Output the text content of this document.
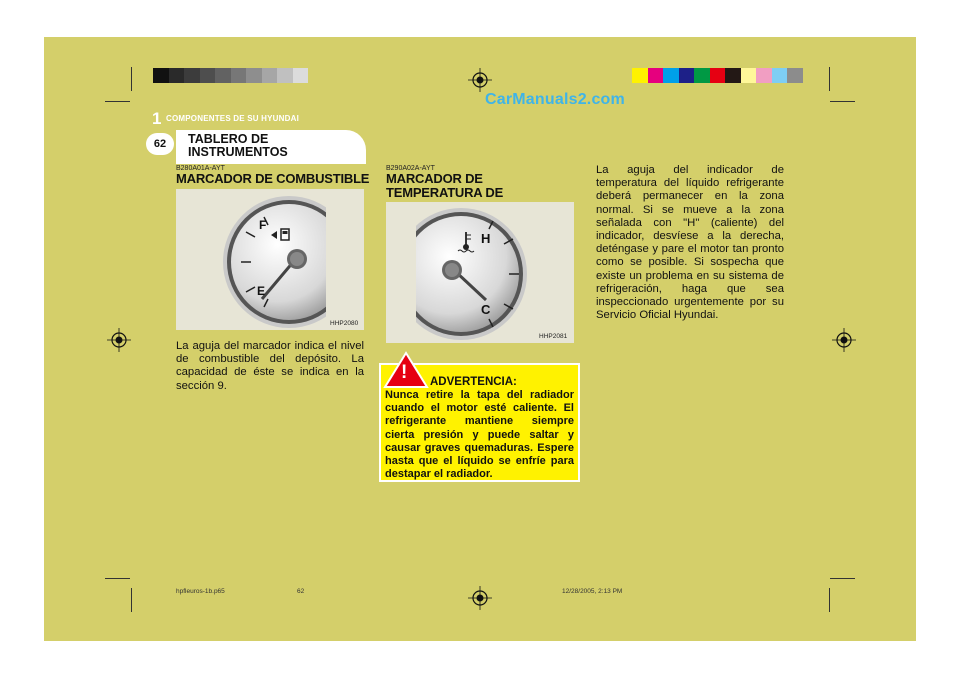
CarManuals2.com
1 COMPONENTES DE SU HYUNDAI
TABLERO DE INSTRUMENTOS
62
B280A01A-AYT
MARCADOR DE COMBUSTIBLE
F
E
HHP2080
La aguja del marcador indica el nivel de combustible del depósito. La capacidad de éste se indica en la sección 9.
B290A02A-AYT
MARCADOR DE TEMPERATURA DE
H
C
HHP2081
! ADVERTENCIA:
Nunca retire la tapa del radiador cuando el motor esté caliente. El refrigerante mantiene siempre cierta presión y puede saltar y causar graves quemaduras. Espere hasta que el líquido se enfríe para destapar el radiador.
La aguja del indicador de temperatura del líquido refrigerante deberá permanecer en la zona normal. Si se mueve a la zona señalada con "H" (caliente) del indicador, desvíese a la derecha, deténgase y pare el motor tan pronto como se posible. Si sospecha que existe un problema en su sistema de refrigeración, haga que sea inspeccionado urgentemente por su Servicio Oficial Hyundai.
hpfleuros-1b.p65	62	12/28/2005, 2:13 PM
